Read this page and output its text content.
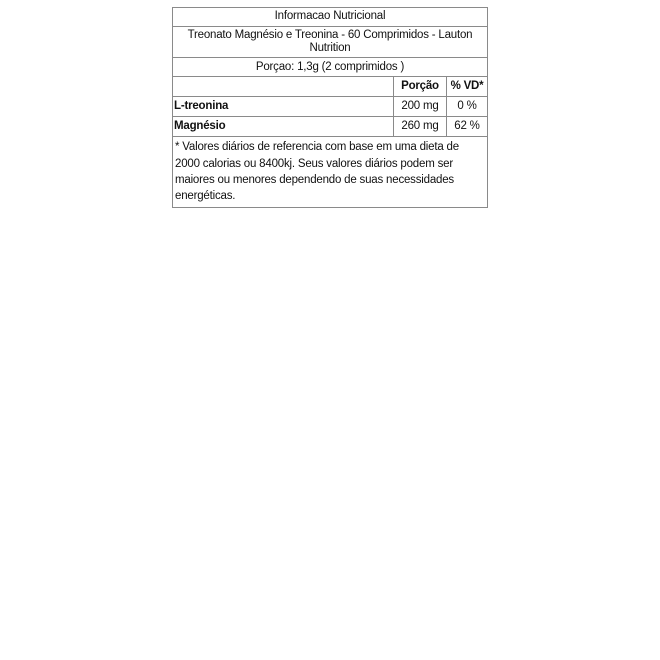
Informacao Nutricional		
Treonato Magnésio e Treonina - 60 Comprimidos - Lauton Nutrition		
Porçao: 1,3g (2 comprimidos )		
	Porção	% VD*
L-treonina	200 mg	0 %
Magnésio	260 mg	62 %
* Valores diários de referencia com base em uma dieta de 2000 calorias ou 8400kj. Seus valores diários podem ser maiores ou menores dependendo de suas necessidades energéticas.		
